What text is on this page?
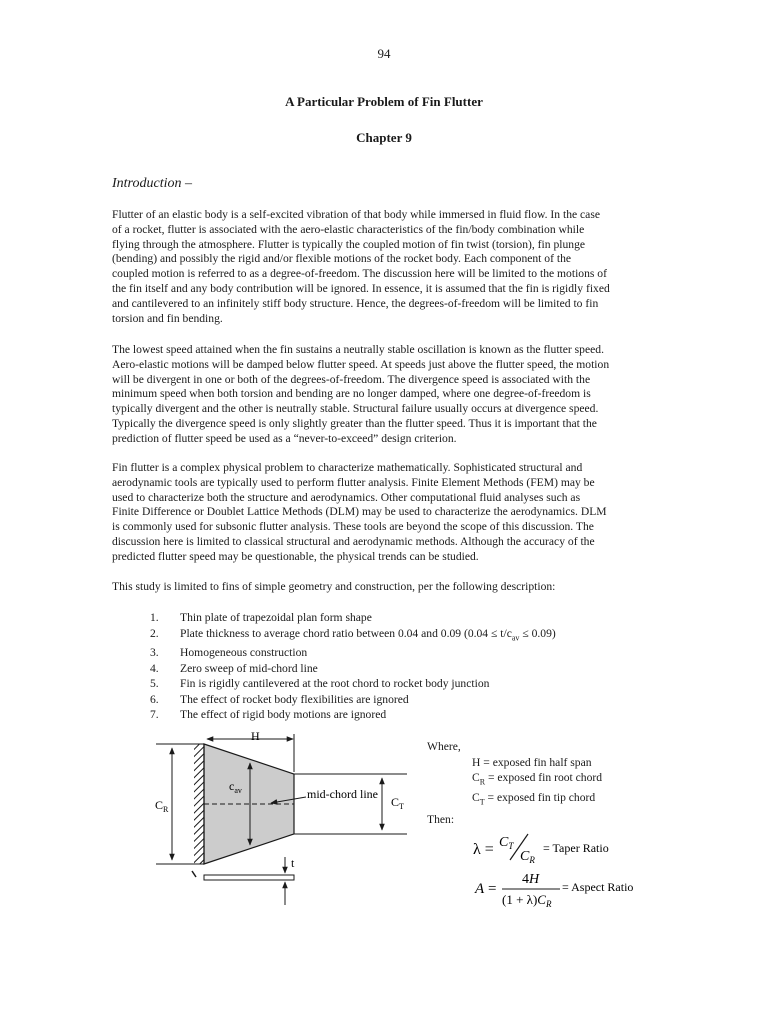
94
A Particular Problem of Fin Flutter
Chapter 9
Introduction –

Flutter of an elastic body is a self-excited vibration of that body while immersed in fluid flow. In the case
of a rocket, flutter is associated with the aero-elastic characteristics of the fin/body combination while
flying through the atmosphere. Flutter is typically the coupled motion of fin twist (torsion), fin plunge
(bending) and possibly the rigid and/or flexible motions of the rocket body. Each component of the
coupled motion is referred to as a degree-of-freedom. The discussion here will be limited to the motions of
the fin itself and any body contribution will be ignored. In essence, it is assumed that the fin is rigidly fixed
and cantilevered to an infinitely stiff body structure. Hence, the degrees-of-freedom will be limited to fin
torsion and fin bending.

The lowest speed attained when the fin sustains a neutrally stable oscillation is known as the flutter speed.
Aero-elastic motions will be damped below flutter speed. At speeds just above the flutter speed, the motion
will be divergent in one or both of the degrees-of-freedom. The divergence speed is associated with the
minimum speed when both torsion and bending are no longer damped, where one degree-of-freedom is
typically divergent and the other is neutrally stable. Structural failure usually occurs at divergence speed.
Typically the divergence speed is only slightly greater than the flutter speed. Thus it is important that the
prediction of flutter speed be used as a “never-to-exceed” design criterion.

Fin flutter is a complex physical problem to characterize mathematically. Sophisticated structural and
aerodynamic tools are typically used to perform flutter analysis. Finite Element Methods (FEM) may be
used to characterize both the structure and aerodynamics. Other computational fluid analyses such as
Finite Difference or Doublet Lattice Methods (DLM) may be used to characterize the aerodynamics. DLM
is commonly used for subsonic flutter analysis. These tools are beyond the scope of this discussion. The
discussion here is limited to classical structural and aerodynamic methods. Although the accuracy of the
predicted flutter speed may be questionable, the physical trends can be studied.

This study is limited to fins of simple geometry and construction, per the following description:

1. Thin plate of trapezoidal plan form shape
2. Plate thickness to average chord ratio between 0.04 and 0.09 $(0.04 \le t/c_{av} \le 0.09)$
3. Homogeneous construction
4. Zero sweep of mid-chord line
5. Fin is rigidly cantilevered at the root chord to rocket body junction
6. The effect of rocket body flexibilities are ignored
7. The effect of rigid body motions are ignored
H
$C_R$
$c_{av}$	mid-chord line
$C_T$
t
Where,
H = exposed fin half span
$C_R$ = exposed fin root chord
$C_T$ = exposed fin tip chord
Then:
$\lambda = C_T$
$C_R$
= Taper Ratio
A =
4H
$(1 + \lambda)C_R$
= Aspect Ratio
